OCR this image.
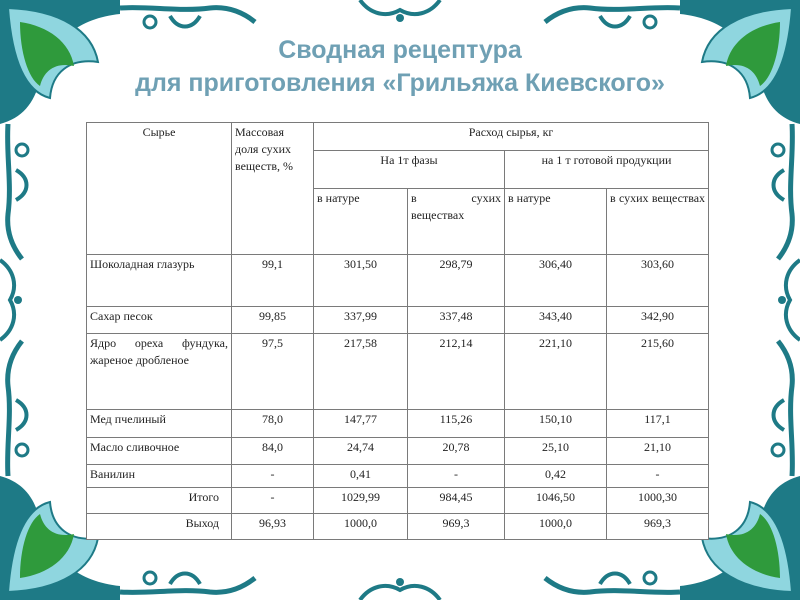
Сводная рецептура
для приготовления «Грильяжа Киевского»
Сырье	Массовая доля сухих веществ, %	Расход сырья, кг			
		На 1т фазы		на 1 т готовой продукции	
		в натуре	в сухих веществах	в натуре	в сухих веществах
Шоколадная глазурь	99,1	301,50	298,79	306,40	303,60
Сахар песок	99,85	337,99	337,48	343,40	342,90
Ядро ореха фундука, жареное дробленое	97,5	217,58	212,14	221,10	215,60
Мед пчелиный	78,0	147,77	115,26	150,10	117,1
Масло сливочное	84,0	24,74	20,78	25,10	21,10
Ванилин	-	0,41	-	0,42	-
Итого	-	1029,99	984,45	1046,50	1000,30
Выход	96,93	1000,0	969,3	1000,0	969,3
